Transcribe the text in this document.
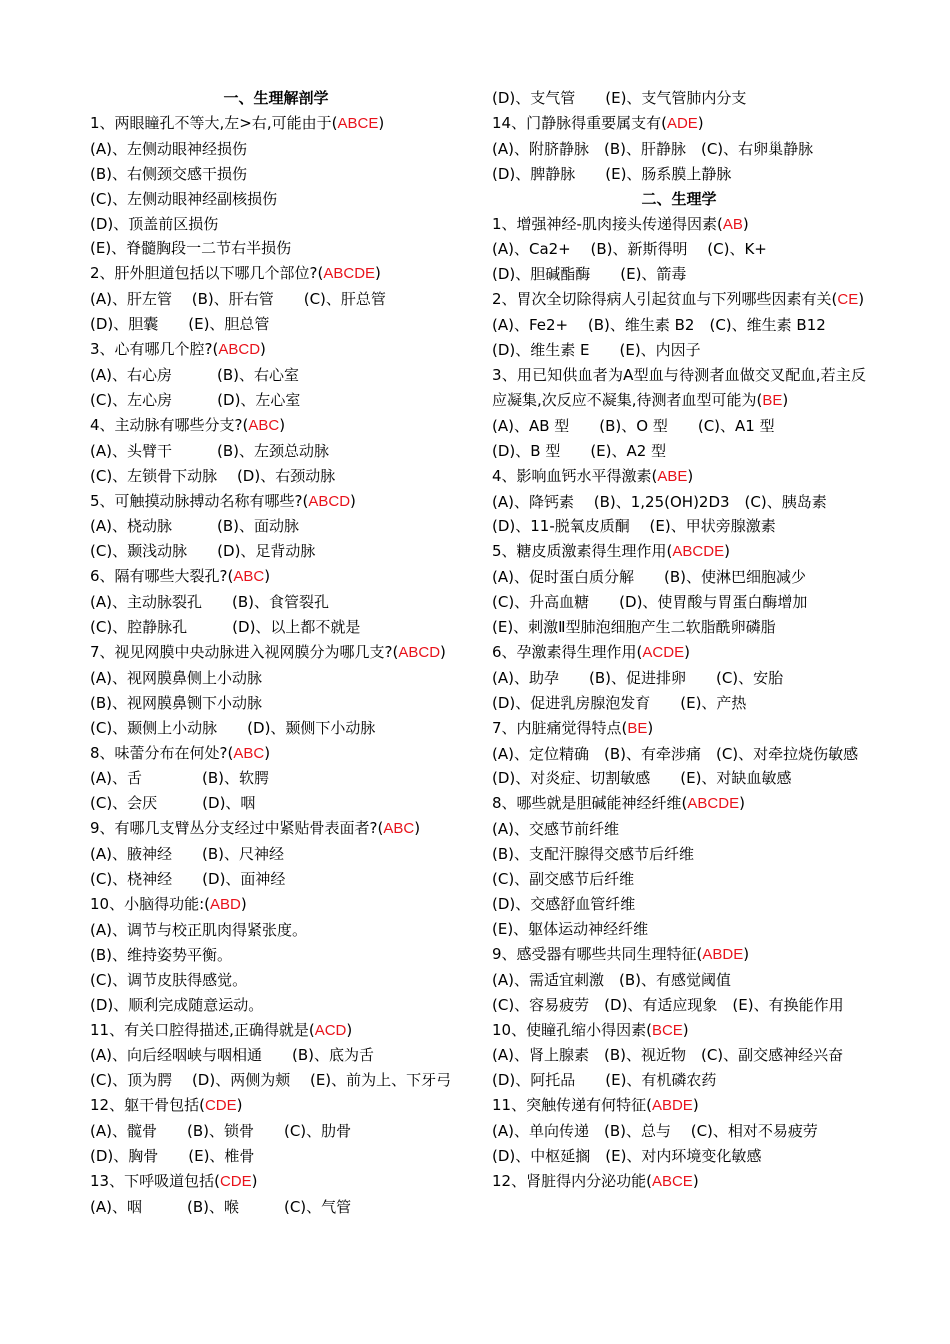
一、生理解剖学
1、两眼瞳孔不等大,左>右,可能由于(ABCE)
(A)、左侧动眼神经损伤
(B)、右侧颈交感干损伤
(C)、左侧动眼神经副核损伤
(D)、顶盖前区损伤
(E)、脊髓胸段一二节右半损伤
2、肝外胆道包括以下哪几个部位?(ABCDE)
(A)、肝左管　 (B)、肝右管　　(C)、肝总管
(D)、胆囊　　(E)、胆总管
3、心有哪几个腔?(ABCD)
(A)、右心房　　　(B)、右心室
(C)、左心房　　　(D)、左心室
4、主动脉有哪些分支?(ABC)
(A)、头臂干　　　(B)、左颈总动脉
(C)、左锁骨下动脉　 (D)、右颈动脉
5、可触摸动脉搏动名称有哪些?(ABCD)
(A)、桡动脉　　　(B)、面动脉
(C)、颞浅动脉　　(D)、足背动脉
6、隔有哪些大裂孔?(ABC)
(A)、主动脉裂孔　　(B)、食管裂孔
(C)、腔静脉孔　　　(D)、以上都不就是
7、视见网膜中央动脉进入视网膜分为哪几支?(ABCD)
(A)、视网膜鼻侧上小动脉
(B)、视网膜鼻铡下小动脉
(C)、颞侧上小动脉　　(D)、颞侧下小动脉
8、味蕾分布在何处?(ABC)
(A)、舌　　　　(B)、软腭
(C)、会厌　　　(D)、咽
9、有哪几支臂丛分支经过中紧贴骨表面者?(ABC)
(A)、腋神经　　(B)、尺神经
(C)、桡神经　　(D)、面神经
10、小脑得功能:(ABD)
(A)、调节与校正肌肉得紧张度。
(B)、维持姿势平衡。
(C)、调节皮肤得感觉。
(D)、顺利完成随意运动。
11、有关口腔得描述,正确得就是(ACD)
(A)、向后经咽峡与咽相通　　(B)、底为舌
(C)、顶为腭　 (D)、两侧为颊　 (E)、前为上、下牙弓
12、躯干骨包括(CDE)
(A)、髋骨　　(B)、锁骨　　(C)、肋骨
(D)、胸骨　　(E)、椎骨
13、下呼吸道包括(CDE)
(A)、咽　　　(B)、喉　　　(C)、气管
(D)、支气管　　(E)、支气管肺内分支
14、门静脉得重要属支有(ADE)
(A)、附脐静脉　(B)、肝静脉　(C)、右卵巢静脉
(D)、脾静脉　　(E)、肠系膜上静脉
二、生理学
1、增强神经-肌肉接头传递得因素(AB)
(A)、Ca2+　 (B)、新斯得明　 (C)、K+
(D)、胆碱酯酶　　(E)、箭毒
2、胃次全切除得病人引起贫血与下列哪些因素有关(CE)
(A)、Fe2+　 (B)、维生素 B2　(C)、维生素 B12
(D)、维生素 E　　(E)、内因子
3、用已知供血者为A型血与待测者血做交叉配血,若主反应凝集,次反应不凝集,待测者血型可能为(BE)
(A)、AB 型　　(B)、O 型　　(C)、A1 型
(D)、B 型　　(E)、A2 型
4、影响血钙水平得激素(ABE)
(A)、降钙素　 (B)、1,25(OH)2D3　(C)、胰岛素
(D)、11-脱氧皮质酮　 (E)、甲状旁腺激素
5、糖皮质激素得生理作用(ABCDE)
(A)、促时蛋白质分解　　(B)、使淋巴细胞减少
(C)、升高血糖　　(D)、使胃酸与胃蛋白酶增加
(E)、刺激Ⅱ型肺泡细胞产生二软脂酰卵磷脂
6、孕激素得生理作用(ACDE)
(A)、助孕　　(B)、促进排卵　　(C)、安胎
(D)、促进乳房腺泡发育　　(E)、产热
7、内脏痛觉得特点(BE)
(A)、定位精确　(B)、有牵涉痛　(C)、对牵拉烧伤敏感
(D)、对炎症、切割敏感　　(E)、对缺血敏感
8、哪些就是胆碱能神经纤维(ABCDE)
(A)、交感节前纤维
(B)、支配汗腺得交感节后纤维
(C)、副交感节后纤维
(D)、交感舒血管纤维
(E)、躯体运动神经纤维
9、感受器有哪些共同生理特征(ABDE)
(A)、需适宜刺激　(B)、有感觉阈值
(C)、容易疲劳　(D)、有适应现象　(E)、有换能作用
10、使瞳孔缩小得因素(BCE)
(A)、肾上腺素　(B)、视近物　(C)、副交感神经兴奋
(D)、阿托品　　(E)、有机磷农药
11、突触传递有何特征(ABDE)
(A)、单向传递　(B)、总与　 (C)、相对不易疲劳
(D)、中枢延搁　(E)、对内环境变化敏感
12、肾脏得内分泌功能(ABCE)
